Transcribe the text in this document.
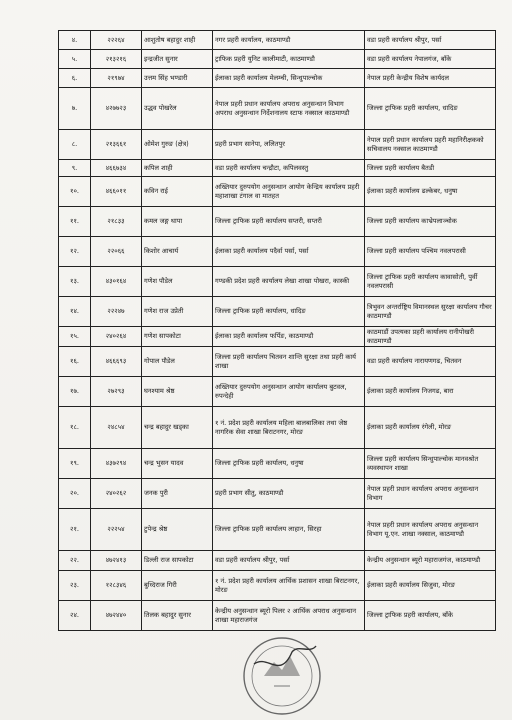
४.	२२२६४	आशुतोष बहादुर शाही	नगर प्रहरी कार्यालय, काठमाण्डौ	वडा प्रहरी कार्यालय श्रीपुर, पर्सा
५.	२१३२१६	इन्द्रजीत सुनार	ट्राफिक प्रहरी युनिट कालीमाटी, काठमाण्डौ	वडा प्रहरी कार्यालय नेपालगंज, बाँके
६.	२१९७४	उत्तम सिंह भण्डारी	ईलाका प्रहरी कार्यालय मेलम्ची, सिन्धुपाल्चोक	नेपाल प्रहरी केन्द्रीय विशेष कार्यदल
७.	४२७७२३	उद्धव पोखरेल	नेपाल प्रहरी प्रधान कार्यालय अपराध अनुसन्धान विभाग अपराध अनुसन्धान निर्देशनालय स्टाफ नक्साल काठमाण्डौ	जिल्ला ट्राफिक प्रहरी कार्यालय, धादिङ
८.	२१३६६१	ओमेश गुरुङ (क्षेत्र)	प्रहरी प्रभाग सानेपा, ललितपुर	नेपाल प्रहरी प्रधान कार्यालय प्रहरी महानिरीक्षकको सचिवालय नक्साल काठमाण्डौ
९.	४६६७३४	कपिल शाही	वडा प्रहरी कार्यालय चन्द्रौटा, कपिलवस्तु	जिल्ला प्रहरी कार्यालय बैतडी
१०.	४६६०११	कविन राई	अख्तियार दुरुपयोग अनुसन्धान आयोग केन्द्रिय कार्यालय प्रहरी महाशाखा टंगाल वा मातहत	ईलाका प्रहरी कार्यालय ढल्केबर, धनुषा
११.	२१८३३	कमल जङ्ग थापा	जिल्ला ट्राफिक प्रहरी कार्यालय सप्तरी, सप्तरी	जिल्ला प्रहरी कार्यालय काभ्रेपलाञ्चोक
१२.	२२०६६	किशोर आचार्य	ईलाका प्रहरी कार्यालय पदैर्वा पर्सा, पर्सा	जिल्ला प्रहरी कार्यालय पश्चिम नवलपरासी
१३.	४३०१६४	गणेश पौडेल	गण्डकी प्रदेश प्रहरी कार्यालय लेखा शाखा पोखरा, कास्की	जिल्ला ट्राफिक प्रहरी कार्यालय कावासोती, पुर्वी नवलपरासी
१४.	२२२४७	गणेश राज उप्रेती	जिल्ला ट्राफिक प्रहरी कार्यालय, धादिङ	त्रिभुवन अन्तर्राष्ट्रिय विमानस्थल सुरक्षा कार्यालय गौचर काठमाण्डौ
१५.	२४०२६४	गणेश सापकोटा	ईलाका प्रहरी कार्यालय फर्पिङ, काठमाण्डौ	काठमाडौं उपत्यका प्रहरी कार्यालय रानीपोखरी काठमाण्डौ
१६.	४६६६९३	गोपाल पौडेल	जिल्ला प्रहरी कार्यालय चितवन शान्ति सुरक्षा तथा प्रहरी कार्य शाखा	वडा प्रहरी कार्यालय नारायणगढ, चितवन
१७.	२७२९३	घनश्याम श्रेष्ठ	अख्तियार दुरुपयोग अनुसन्धान आयोग कार्यालय बुटवल, रुपन्देही	ईलाका प्रहरी कार्यालय निजगढ, बारा
१८.	२४८५४	चन्द्र बहादुर खड्का	१ नं. प्रदेश प्रहरी कार्यालय महिला बालबालिका तथा जेष्ठ नागरिक सेवा शाखा बिराटनगर, मोरङ	ईलाका प्रहरी कार्यालय रंगेली, मोरङ
१९.	४३७२९४	चन्द्र भुसन यादव	जिल्ला ट्राफिक प्रहरी कार्यालय, धनुषा	जिल्ला प्रहरी कार्यालय सिन्धुपाल्चोक मानवश्रोत व्यवस्थापन शाखा
२०.	२४०२६२	जनक पुरी	प्रहरी प्रभाग सीतु, काठमाण्डौ	नेपाल प्रहरी प्रधान कार्यालय अपराध अनुसन्धान विभाग
२१.	२२२५४	टुपेन्द्र श्रेष्ठ	जिल्ला ट्राफिक प्रहरी कार्यालय लाहान, सिरहा	नेपाल प्रहरी प्रधान कार्यालय अपराध अनुसन्धान विभाग यू.एन. शाखा नक्साल, काठमाण्डौ
२२.	४७२४१३	डिल्ली राज सापकोटा	वडा प्रहरी कार्यालय श्रीपुर, पर्सा	केन्द्रीय अनुसन्धान ब्यूरो महाराजगंज, काठमाण्डौ
२३.	१२८३४६	बुध्दिराज गिरी	१ नं. प्रदेश प्रहरी कार्यालय आर्थिक प्रशासन शाखा बिराटनगर, मोरङ	ईलाका प्रहरी कार्यालय सिजुवा, मोरङ
२४.	४७२४४०	तिलक बहादुर सुनार	केन्द्रीय अनुसन्धान ब्यूरो पिलर २ आर्थिक अपराध अनुसन्धान शाखा महाराजगंज	जिल्ला ट्राफिक प्रहरी कार्यालय, बाँके
